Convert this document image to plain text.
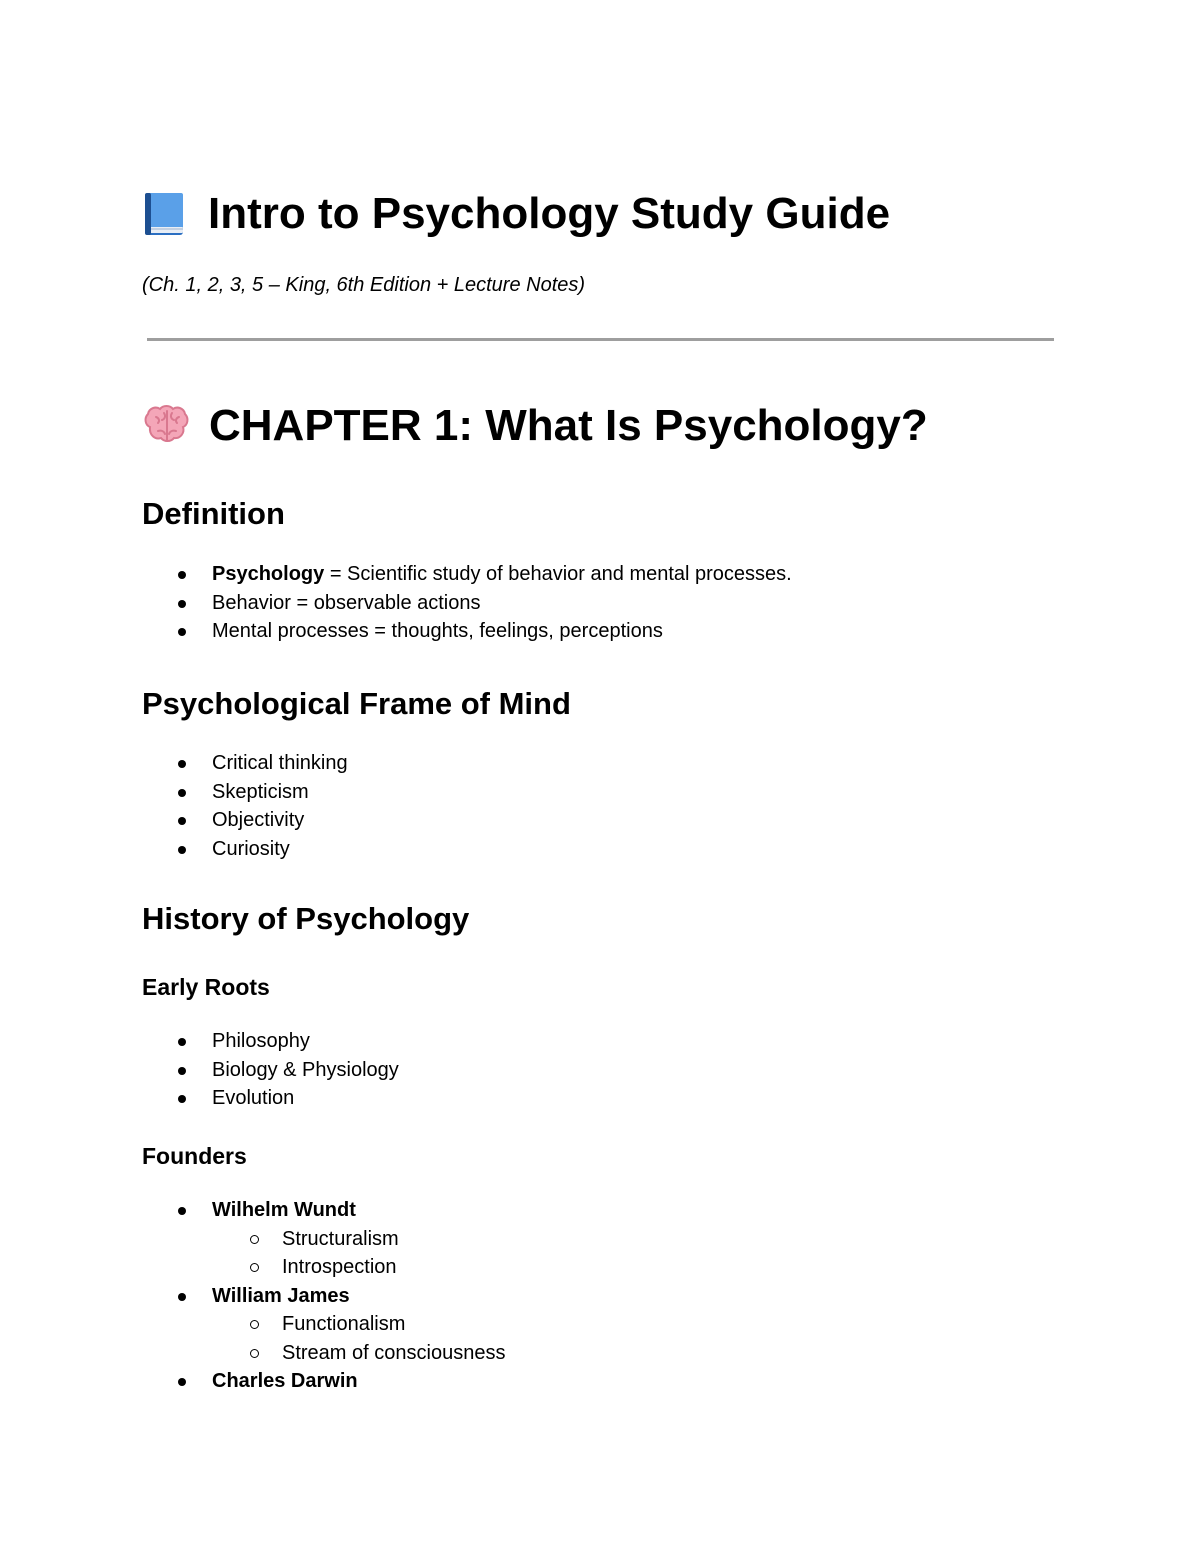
Intro to Psychology Study Guide
(Ch. 1, 2, 3, 5 – King, 6th Edition + Lecture Notes)
CHAPTER 1: What Is Psychology?
Definition
Psychology = Scientific study of behavior and mental processes.
Behavior = observable actions
Mental processes = thoughts, feelings, perceptions
Psychological Frame of Mind
Critical thinking
Skepticism
Objectivity
Curiosity
History of Psychology
Early Roots
Philosophy
Biology & Physiology
Evolution
Founders
Wilhelm Wundt
Structuralism
Introspection
William James
Functionalism
Stream of consciousness
Charles Darwin
